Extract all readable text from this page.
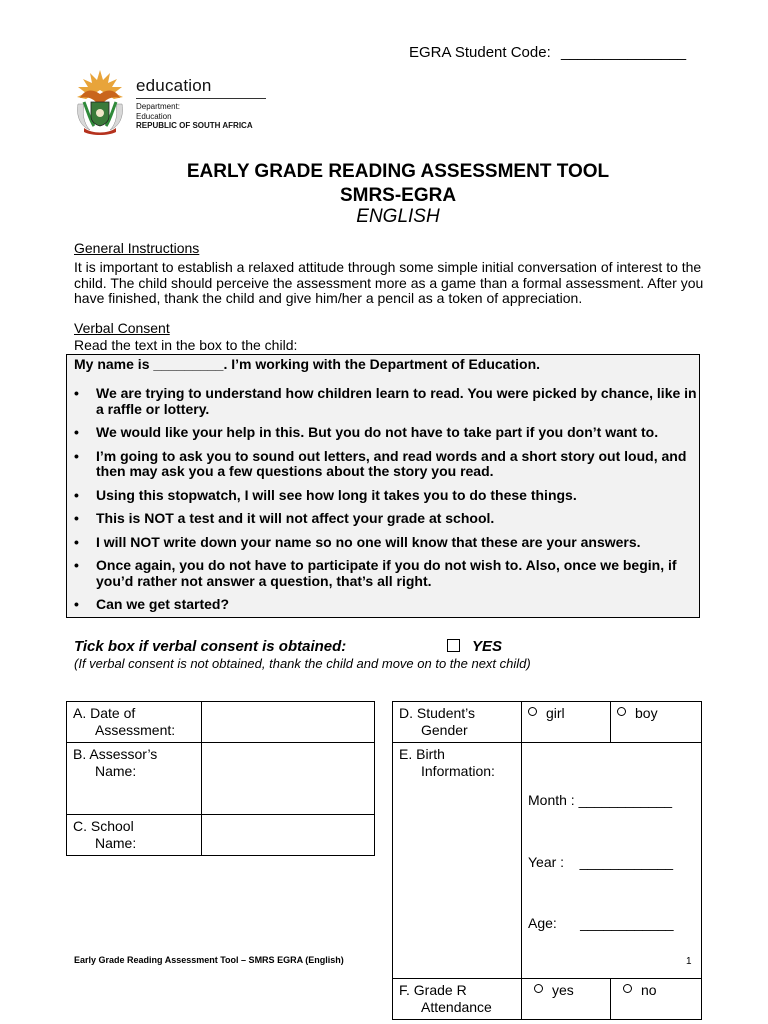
EGRA Student Code: _______________
education
Department:
Education
REPUBLIC OF SOUTH AFRICA
EARLY GRADE READING ASSESSMENT TOOL
SMRS-EGRA
ENGLISH
General Instructions
It is important to establish a relaxed attitude through some simple initial conversation of interest to the child. The child should perceive the assessment more as a game than a formal assessment. After you have finished, thank the child and give him/her a pencil as a token of appreciation.
Verbal Consent
Read the text in the box to the child:
My name is _________. I’m working with the Department of Education.
• We are trying to understand how children learn to read. You were picked by chance, like in a raffle or lottery.
• We would like your help in this. But you do not have to take part if you don’t want to.
• I’m going to ask you to sound out letters, and read words and a short story out loud, and then may ask you a few questions about the story you read.
• Using this stopwatch, I will see how long it takes you to do these things.
• This is NOT a test and it will not affect your grade at school.
• I will NOT write down your name so no one will know that these are your answers.
• Once again, you do not have to participate if you do not wish to. Also, once we begin, if you’d rather not answer a question, that’s all right.
• Can we get started?
Tick box if verbal consent is obtained:	YES
(If verbal consent is not obtained, thank the child and move on to the next child)
A. Date of
Assessment:	

B. Assessor’s
Name:	

C. School
Name:	

D. Student’s
Gender	girl	boy

E. Birth
Information:	Month : ____________

Year :    ____________

Age:      ____________	

F. Grade R
Attendance	yes	no
Early Grade Reading Assessment Tool – SMRS EGRA (English)	1
